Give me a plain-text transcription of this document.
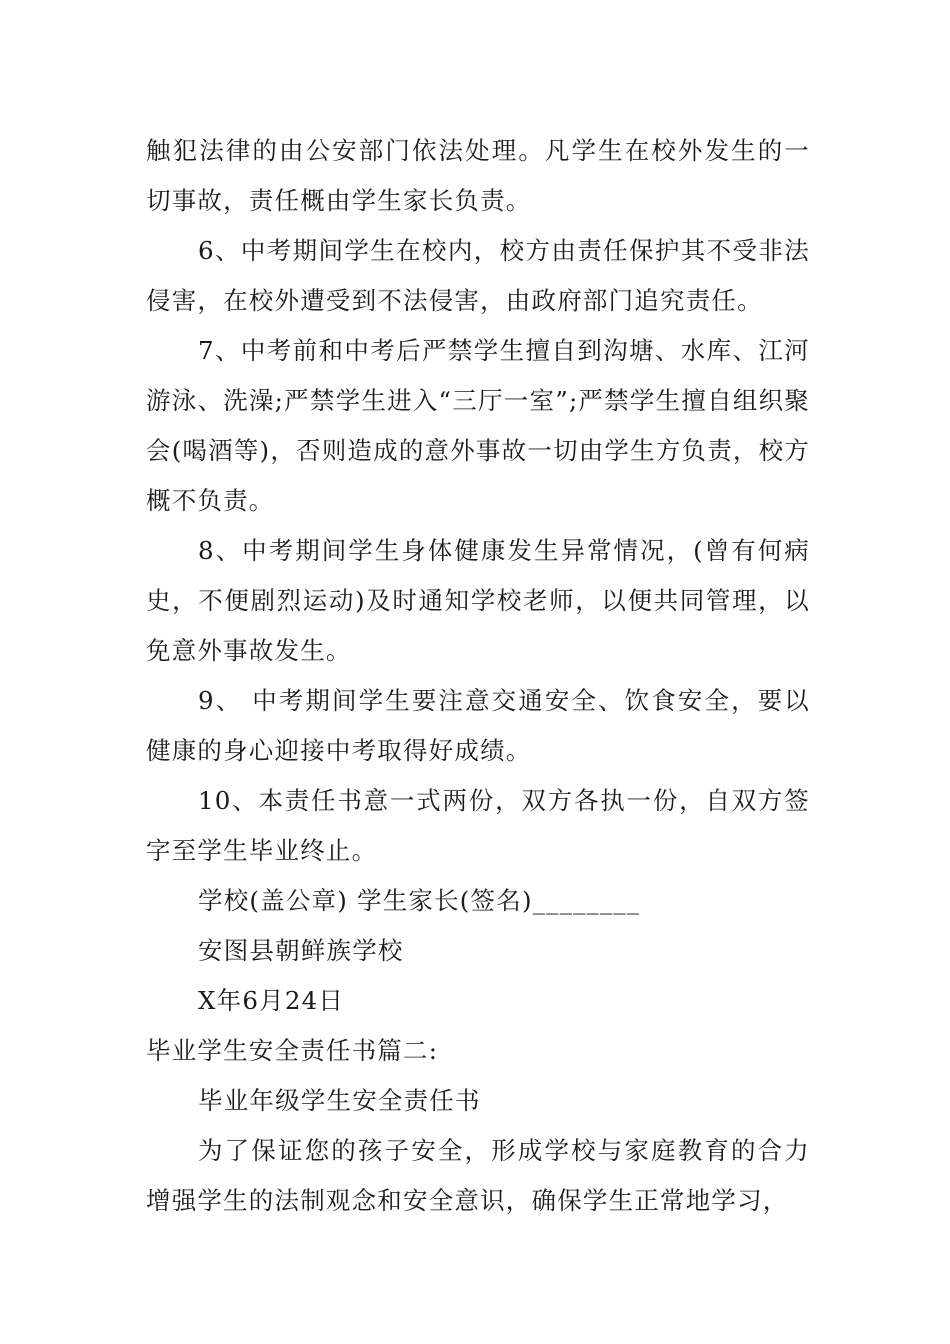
触犯法律的由公安部门依法处理。凡学生在校外发生的一切事故，责任概由学生家长负责。

6、中考期间学生在校内，校方由责任保护其不受非法侵害，在校外遭受到不法侵害，由政府部门追究责任。

7、中考前和中考后严禁学生擅自到沟塘、水库、江河游泳、洗澡;严禁学生进入“三厅一室”;严禁学生擅自组织聚会(喝酒等)，否则造成的意外事故一切由学生方负责，校方概不负责。

8、中考期间学生身体健康发生异常情况，(曾有何病史，不便剧烈运动)及时通知学校老师，以便共同管理，以免意外事故发生。

9、 中考期间学生要注意交通安全、饮食安全，要以健康的身心迎接中考取得好成绩。

10、本责任书意一式两份，双方各执一份，自双方签字至学生毕业终止。

学校(盖公章) 学生家长(签名)________

安图县朝鲜族学校

X年6月24日

毕业学生安全责任书篇二:

毕业年级学生安全责任书

为了保证您的孩子安全，形成学校与家庭教育的合力增强学生的法制观念和安全意识，确保学生正常地学习，
